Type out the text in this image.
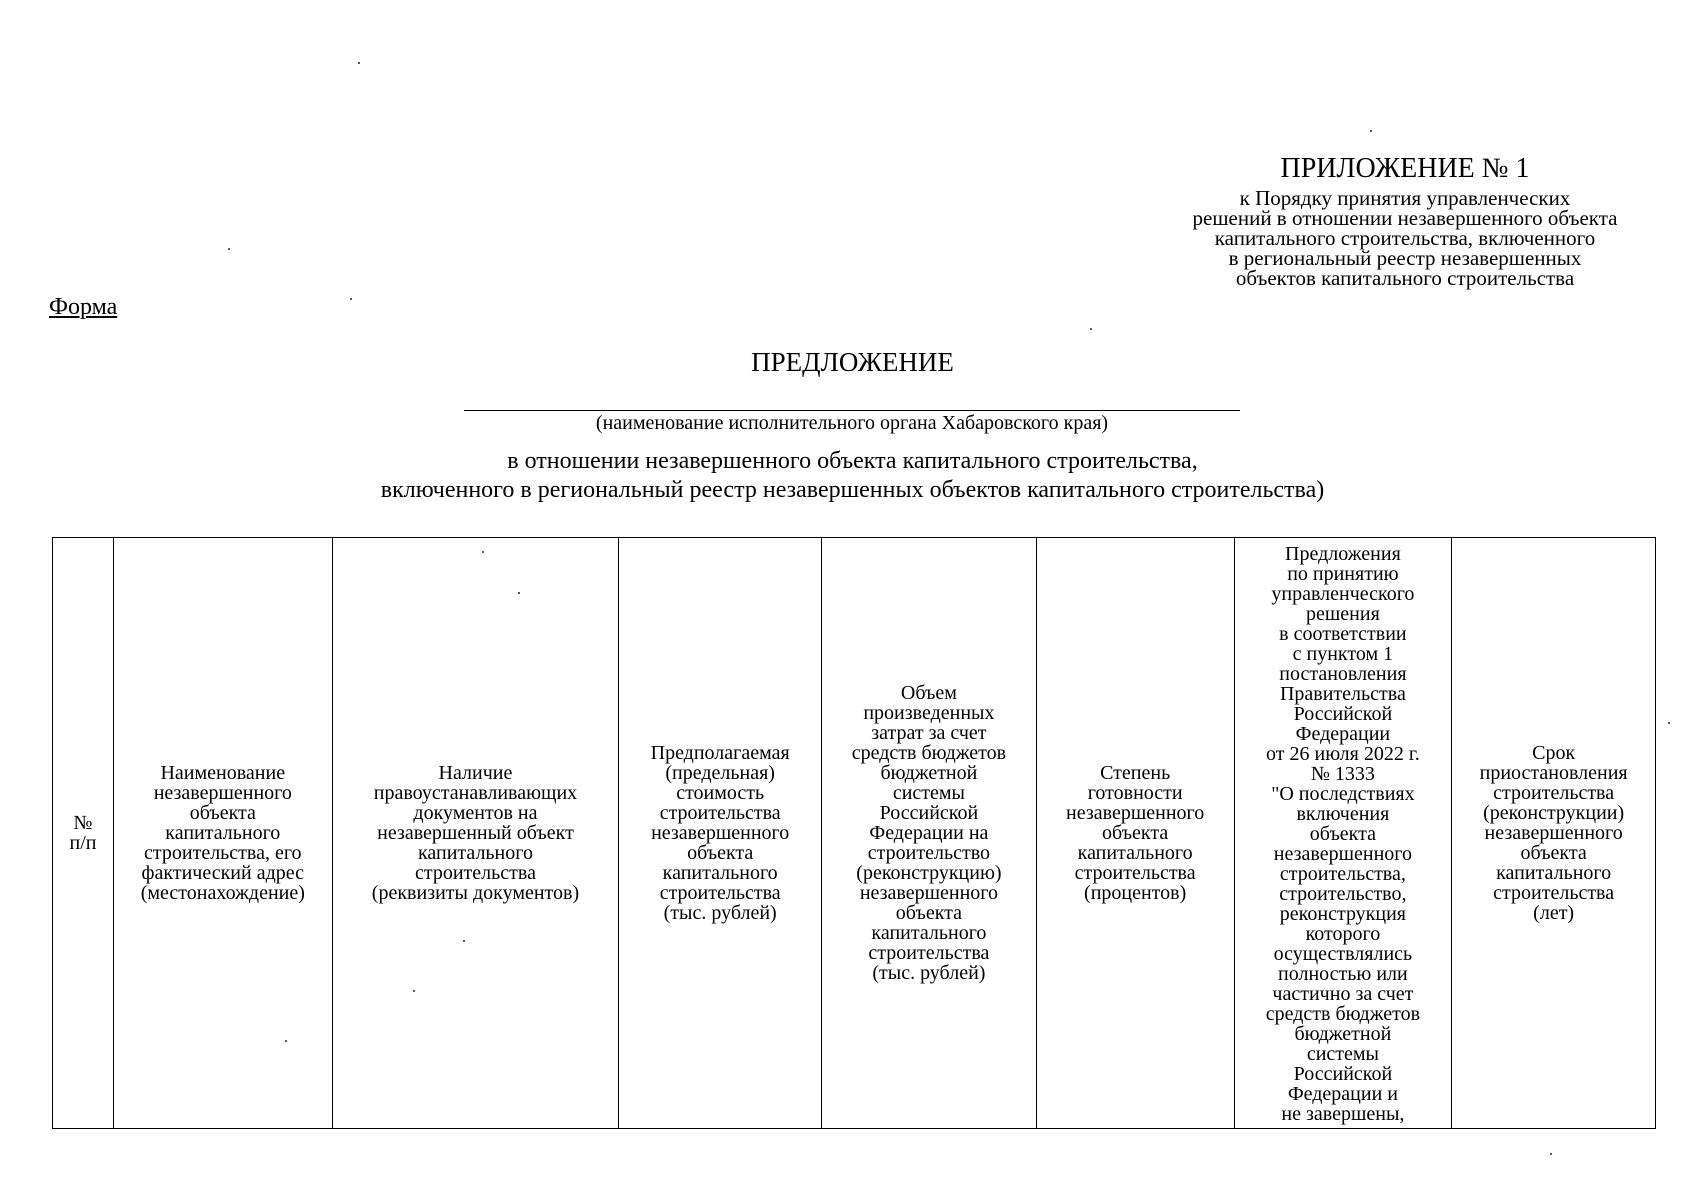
ПРИЛОЖЕНИЕ № 1
к Порядку принятия управленческих
решений в отношении незавершенного объекта
капитального строительства, включенного
в региональный реестр незавершенных
объектов капитального строительства
Форма
ПРЕДЛОЖЕНИЕ
(наименование исполнительного органа Хабаровского края)
в отношении незавершенного объекта капитального строительства,
включенного в региональный реестр незавершенных объектов капитального строительства)
№
п/п
Наименование
незавершенного
объекта
капитального
строительства, его
фактический адрес
(местонахождение)
Наличие
правоустанавливающих
документов на
незавершенный объект
капитального
строительства
(реквизиты документов)
Предполагаемая
(предельная)
стоимость
строительства
незавершенного
объекта
капитального
строительства
(тыс. рублей)
Объем
произведенных
затрат за счет
средств бюджетов
бюджетной
системы
Российской
Федерации на
строительство
(реконструкцию)
незавершенного
объекта
капитального
строительства
(тыс. рублей)
Степень
готовности
незавершенного
объекта
капитального
строительства
(процентов)
Предложения
по принятию
управленческого
решения
в соответствии
с пунктом 1
постановления
Правительства
Российской
Федерации
от 26 июля 2022 г.
№ 1333
"О последствиях
включения
объекта
незавершенного
строительства,
строительство,
реконструкция
которого
осуществлялись
полностью или
частично за счет
средств бюджетов
бюджетной
системы
Российской
Федерации и
не завершены,
Срок
приостановления
строительства
(реконструкции)
незавершенного
объекта
капитального
строительства
(лет)
